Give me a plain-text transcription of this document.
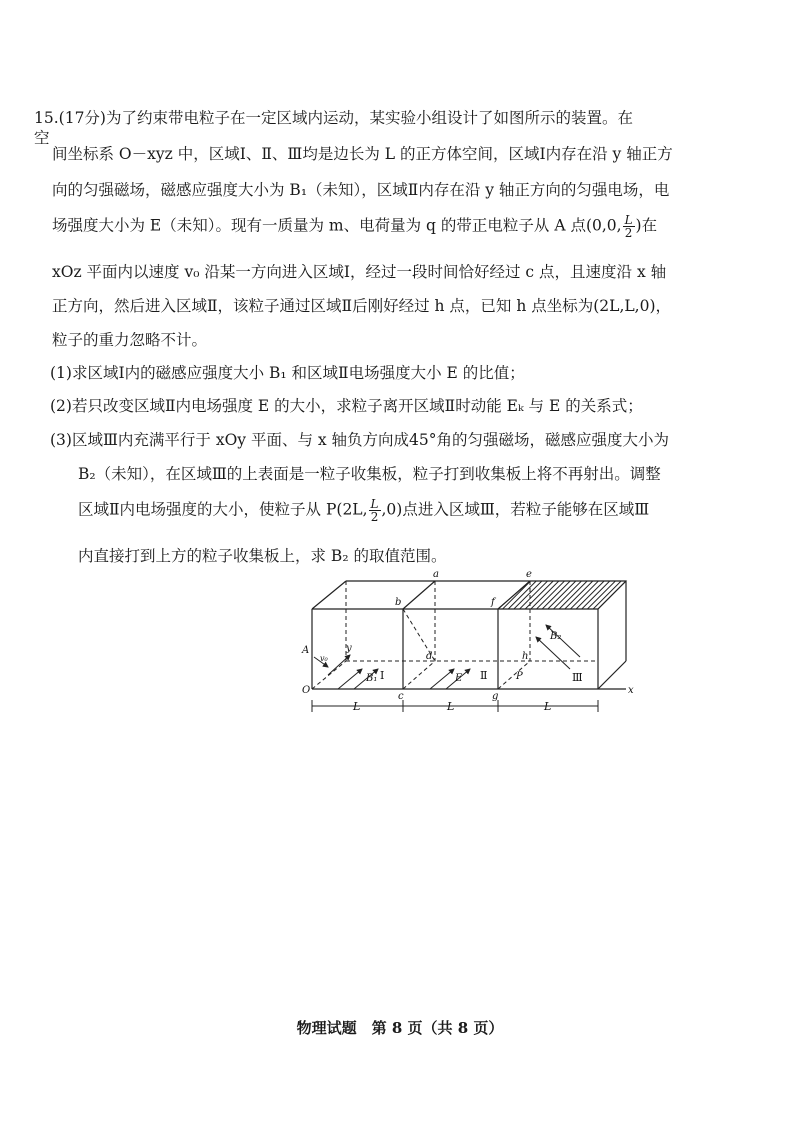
15.(17分)为了约束带电粒子在一定区域内运动，某实验小组设计了如图所示的装置。在空
间坐标系 O－xyz 中，区域Ⅰ、Ⅱ、Ⅲ均是边长为 L 的正方体空间，区域Ⅰ内存在沿 y 轴正方
向的匀强磁场，磁感应强度大小为 B₁（未知），区域Ⅱ内存在沿 y 轴正方向的匀强电场，电
场强度大小为 E（未知）。现有一质量为 m、电荷量为 q 的带正电粒子从 A 点(0,0, $\frac{L}{2}$ )在
xOz 平面内以速度 v₀ 沿某一方向进入区域Ⅰ，经过一段时间恰好经过 c 点，且速度沿 x 轴
正方向，然后进入区域Ⅱ，该粒子通过区域Ⅱ后刚好经过 h 点，已知 h 点坐标为(2L,L,0)，
粒子的重力忽略不计。
(1)求区域Ⅰ内的磁感应强度大小 B₁ 和区域Ⅱ电场强度大小 E 的比值；
(2)若只改变区域Ⅱ内电场强度 E 的大小，求粒子离开区域Ⅱ时动能 Eₖ 与 E 的关系式；
(3)区域Ⅲ内充满平行于 xOy 平面、与 x 轴负方向成45°角的匀强磁场，磁感应强度大小为
B₂（未知），在区域Ⅲ的上表面是一粒子收集板，粒子打到收集板上将不再射出。调整
区域Ⅱ内电场强度的大小，使粒子从 P(2L, $\frac{L}{2} ,0$)点进入区域Ⅲ，若粒子能够在区域Ⅲ
内直接打到上方的粒子收集板上，求 B₂ 的取值范围。
O
A
a
b
c
d
e
f
g
h
P
x
y
v₀
B₁	E
B₂
Ⅰ	Ⅱ	Ⅲ
L	L	L
物理试题　第 8 页（共 8 页）
